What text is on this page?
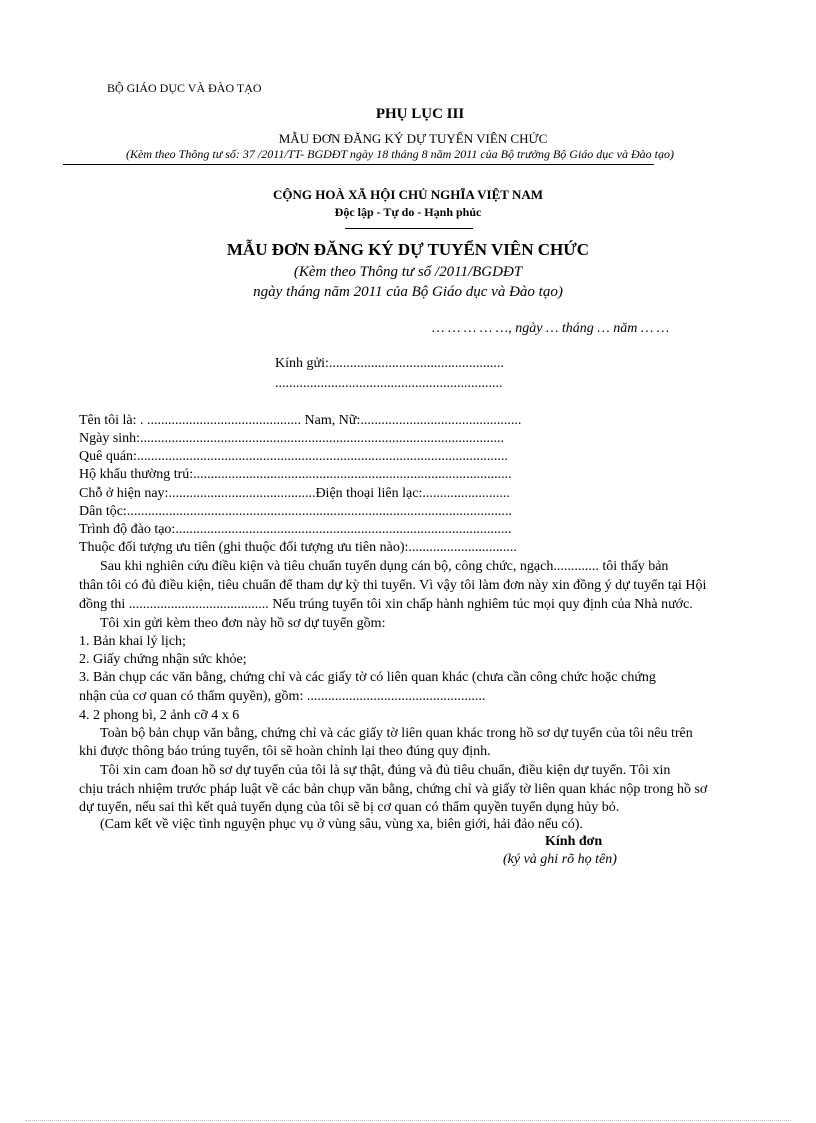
BỘ GIÁO DỤC VÀ ĐÀO TẠO
PHỤ LỤC III
MẪU ĐƠN ĐĂNG KÝ DỰ TUYỂN VIÊN CHỨC
(Kèm theo Thông tư số: 37 /2011/TT- BGDĐT ngày 18 tháng 8 năm 2011 của Bộ trưởng Bộ Giáo dục và Đào tạo)
CỘNG HOÀ XÃ HỘI CHỦ NGHĨA VIỆT NAM
Độc lập - Tự do - Hạnh phúc
MẪU ĐƠN ĐĂNG KÝ DỰ TUYỂN VIÊN CHỨC
(Kèm theo Thông tư số /2011/BGDĐT
ngày tháng năm 2011 của Bộ Giáo dục và Đào tạo)
… … … … …, ngày … tháng … năm … …
Kính gửi:..................................................
.................................................................
Tên tôi là: . ............................................ Nam, Nữ:..............................................
Ngày sinh:........................................................................................................
Quê quán:..........................................................................................................
Hộ khẩu thường trú:...........................................................................................
Chỗ ở hiện nay:..........................................Điện thoại liên lạc:.........................
Dân tộc:..............................................................................................................
Trình độ đào tạo:................................................................................................
Thuộc đối tượng ưu tiên (ghi thuộc đối tượng ưu tiên nào):...............................
Sau khi nghiên cứu điều kiện và tiêu chuẩn tuyển dụng cán bộ, công chức, ngạch............. tôi thấy bản
thân tôi có đủ điều kiện, tiêu chuẩn để tham dự kỳ thi tuyển. Vì vậy tôi làm đơn này xin đồng ý dự tuyển tại Hội
đồng thi ........................................ Nếu trúng tuyển tôi xin chấp hành nghiêm túc mọi quy định của Nhà nước.
Tôi xin gửi kèm theo đơn này hồ sơ dự tuyển gồm:
1. Bản khai lý lịch;
2. Giấy chứng nhận sức khỏe;
3. Bản chụp các văn bằng, chứng chỉ và các giấy tờ có liên quan khác (chưa cần công chức hoặc chứng
nhận của cơ quan có thẩm quyền), gồm: ...................................................
4. 2 phong bì, 2 ảnh cỡ 4 x 6
Toàn bộ bản chụp văn bằng, chứng chỉ và các giấy tờ liên quan khác trong hồ sơ dự tuyển của tôi nêu trên
khi được thông báo trúng tuyển, tôi sẽ hoàn chỉnh lại theo đúng quy định.
Tôi xin cam đoan hồ sơ dự tuyển của tôi là sự thật, đúng và đủ tiêu chuẩn, điều kiện dự tuyển. Tôi xin
chịu trách nhiệm trước pháp luật về các bản chụp văn bằng, chứng chỉ và giấy tờ liên quan khác nộp trong hồ sơ
dự tuyển, nếu sai thì kết quả tuyển dụng của tôi sẽ bị cơ quan có thẩm quyền tuyển dụng hủy bỏ.
(Cam kết về việc tình nguyện phục vụ ở vùng sâu, vùng xa, biên giới, hải đảo nếu có).
Kính đơn
(ký và ghi rõ họ tên)
